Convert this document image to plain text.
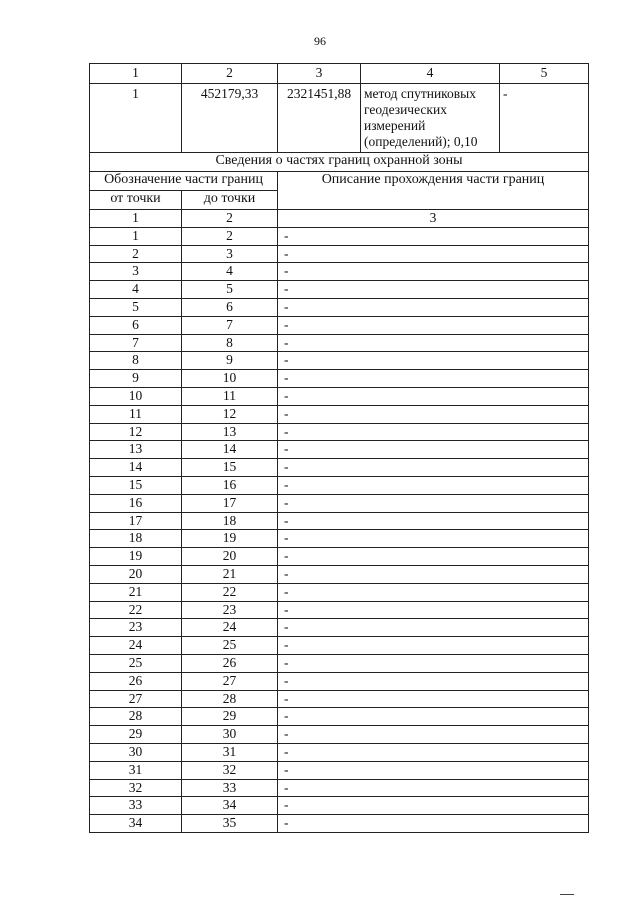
96
1	2	3	4	5
1	452179,33	2321451,88	метод спутниковых геодезических измерений (определений); 0,10	-
Сведения о частях границ охранной зоны				
Обозначение части границ		Описание прохождения части границ		
от точки	до точки			
1	2	3		
1	2	-		
2	3	-		
3	4	-		
4	5	-		
5	6	-		
6	7	-		
7	8	-		
8	9	-		
9	10	-		
10	11	-		
11	12	-		
12	13	-		
13	14	-		
14	15	-		
15	16	-		
16	17	-		
17	18	-		
18	19	-		
19	20	-		
20	21	-		
21	22	-		
22	23	-		
23	24	-		
24	25	-		
25	26	-		
26	27	-		
27	28	-		
28	29	-		
29	30	-		
30	31	-		
31	32	-		
32	33	-		
33	34	-		
34	35	-		
